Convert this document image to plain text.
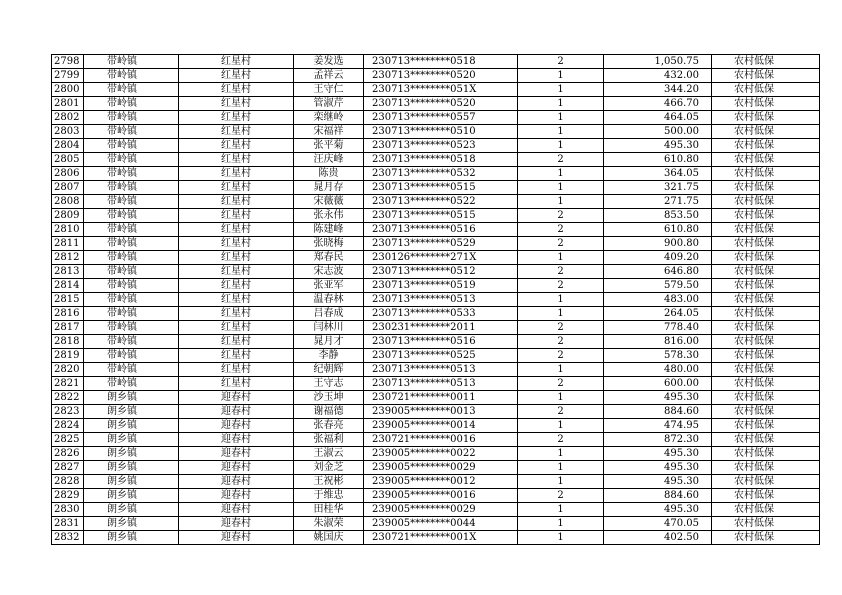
2798	带岭镇	红星村	姜发选	230713********0518	2	1,050.75	农村低保
2799	带岭镇	红星村	孟祥云	230713********0520	1	432.00	农村低保
2800	带岭镇	红星村	王守仁	230713********051X	1	344.20	农村低保
2801	带岭镇	红星村	管淑芹	230713********0520	1	466.70	农村低保
2802	带岭镇	红星村	栾继岭	230713********0557	1	464.05	农村低保
2803	带岭镇	红星村	宋福祥	230713********0510	1	500.00	农村低保
2804	带岭镇	红星村	张平菊	230713********0523	1	495.30	农村低保
2805	带岭镇	红星村	汪庆峰	230713********0518	2	610.80	农村低保
2806	带岭镇	红星村	陈贵	230713********0532	1	364.05	农村低保
2807	带岭镇	红星村	晁月存	230713********0515	1	321.75	农村低保
2808	带岭镇	红星村	宋薇薇	230713********0522	1	271.75	农村低保
2809	带岭镇	红星村	张永伟	230713********0515	2	853.50	农村低保
2810	带岭镇	红星村	陈建峰	230713********0516	2	610.80	农村低保
2811	带岭镇	红星村	张晓梅	230713********0529	2	900.80	农村低保
2812	带岭镇	红星村	郑春民	230126********271X	1	409.20	农村低保
2813	带岭镇	红星村	宋志波	230713********0512	2	646.80	农村低保
2814	带岭镇	红星村	张亚军	230713********0519	2	579.50	农村低保
2815	带岭镇	红星村	温春林	230713********0513	1	483.00	农村低保
2816	带岭镇	红星村	吕春成	230713********0533	1	264.05	农村低保
2817	带岭镇	红星村	闫林川	230231********2011	2	778.40	农村低保
2818	带岭镇	红星村	晁月才	230713********0516	2	816.00	农村低保
2819	带岭镇	红星村	李静	230713********0525	2	578.30	农村低保
2820	带岭镇	红星村	纪朝辉	230713********0513	1	480.00	农村低保
2821	带岭镇	红星村	王守志	230713********0513	2	600.00	农村低保
2822	朗乡镇	迎春村	沙玉坤	230721********0011	1	495.30	农村低保
2823	朗乡镇	迎春村	谢福德	239005********0013	2	884.60	农村低保
2824	朗乡镇	迎春村	张春亮	239005********0014	1	474.95	农村低保
2825	朗乡镇	迎春村	张福利	230721********0016	2	872.30	农村低保
2826	朗乡镇	迎春村	王淑云	239005********0022	1	495.30	农村低保
2827	朗乡镇	迎春村	刘金芝	239005********0029	1	495.30	农村低保
2828	朗乡镇	迎春村	王祝彬	239005********0012	1	495.30	农村低保
2829	朗乡镇	迎春村	于维忠	239005********0016	2	884.60	农村低保
2830	朗乡镇	迎春村	田桂华	239005********0029	1	495.30	农村低保
2831	朗乡镇	迎春村	朱淑荣	239005********0044	1	470.05	农村低保
2832	朗乡镇	迎春村	姚国庆	230721********001X	1	402.50	农村低保
